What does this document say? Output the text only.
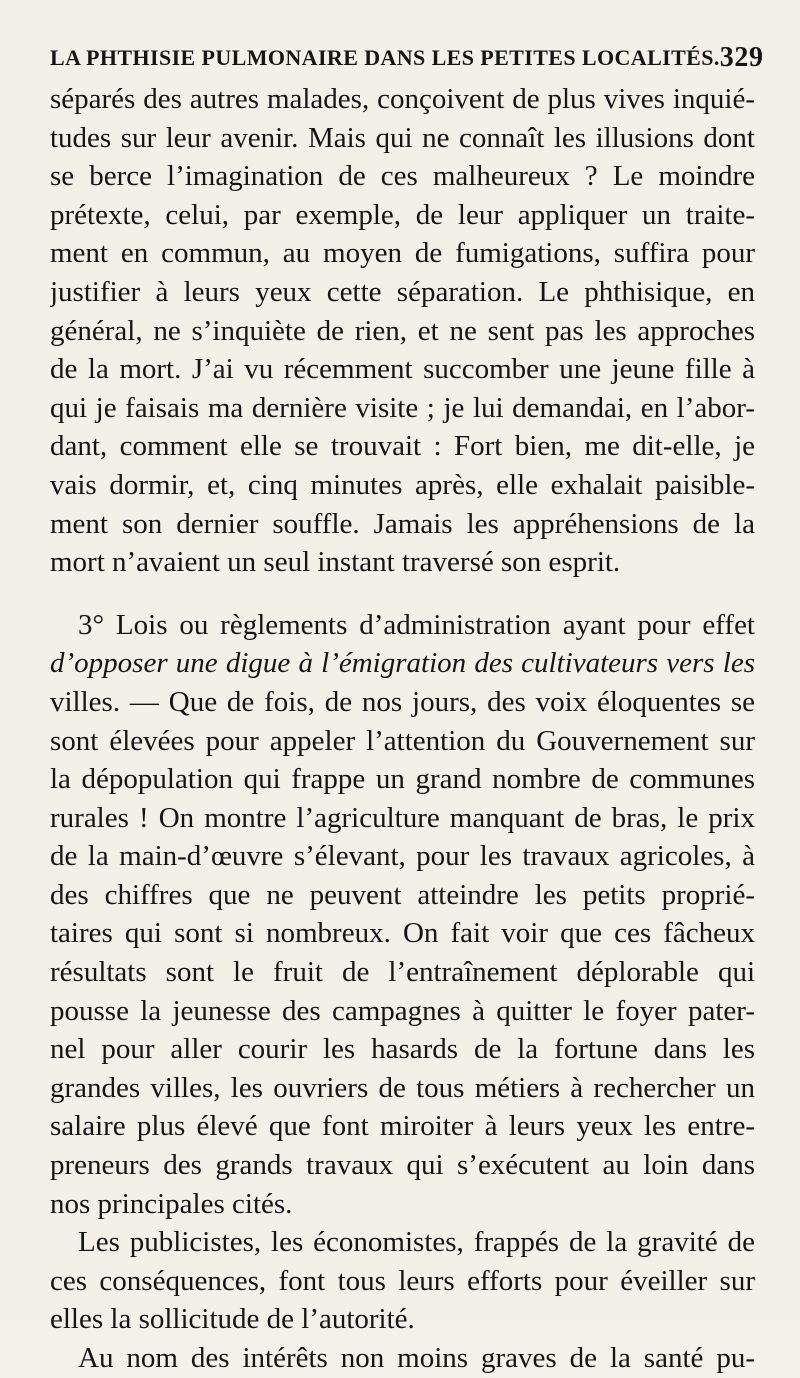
LA PHTHISIE PULMONAIRE DANS LES PETITES LOCALITÉS. 329
séparés des autres malades, conçoivent de plus vives inquié-
tudes sur leur avenir. Mais qui ne connaît les illusions dont
se berce l’imagination de ces malheureux ? Le moindre
prétexte, celui, par exemple, de leur appliquer un traite-
ment en commun, au moyen de fumigations, suffira pour
justifier à leurs yeux cette séparation. Le phthisique, en
général, ne s’inquiète de rien, et ne sent pas les approches
de la mort. J’ai vu récemment succomber une jeune fille à
qui je faisais ma dernière visite ; je lui demandai, en l’abor-
dant, comment elle se trouvait : Fort bien, me dit-elle, je
vais dormir, et, cinq minutes après, elle exhalait paisible-
ment son dernier souffle. Jamais les appréhensions de la
mort n’avaient un seul instant traversé son esprit.
3° Lois ou règlements d’administration ayant pour effet
d’opposer une digue à l’émigration des cultivateurs vers les
villes. — Que de fois, de nos jours, des voix éloquentes se
sont élevées pour appeler l’attention du Gouvernement sur
la dépopulation qui frappe un grand nombre de communes
rurales ! On montre l’agriculture manquant de bras, le prix
de la main-d’œuvre s’élevant, pour les travaux agricoles, à
des chiffres que ne peuvent atteindre les petits proprié-
taires qui sont si nombreux. On fait voir que ces fâcheux
résultats sont le fruit de l’entraînement déplorable qui
pousse la jeunesse des campagnes à quitter le foyer pater-
nel pour aller courir les hasards de la fortune dans les
grandes villes, les ouvriers de tous métiers à rechercher un
salaire plus élevé que font miroiter à leurs yeux les entre-
preneurs des grands travaux qui s’exécutent au loin dans
nos principales cités.
Les publicistes, les économistes, frappés de la gravité de
ces conséquences, font tous leurs efforts pour éveiller sur
elles la sollicitude de l’autorité.
Au nom des intérêts non moins graves de la santé pu-
